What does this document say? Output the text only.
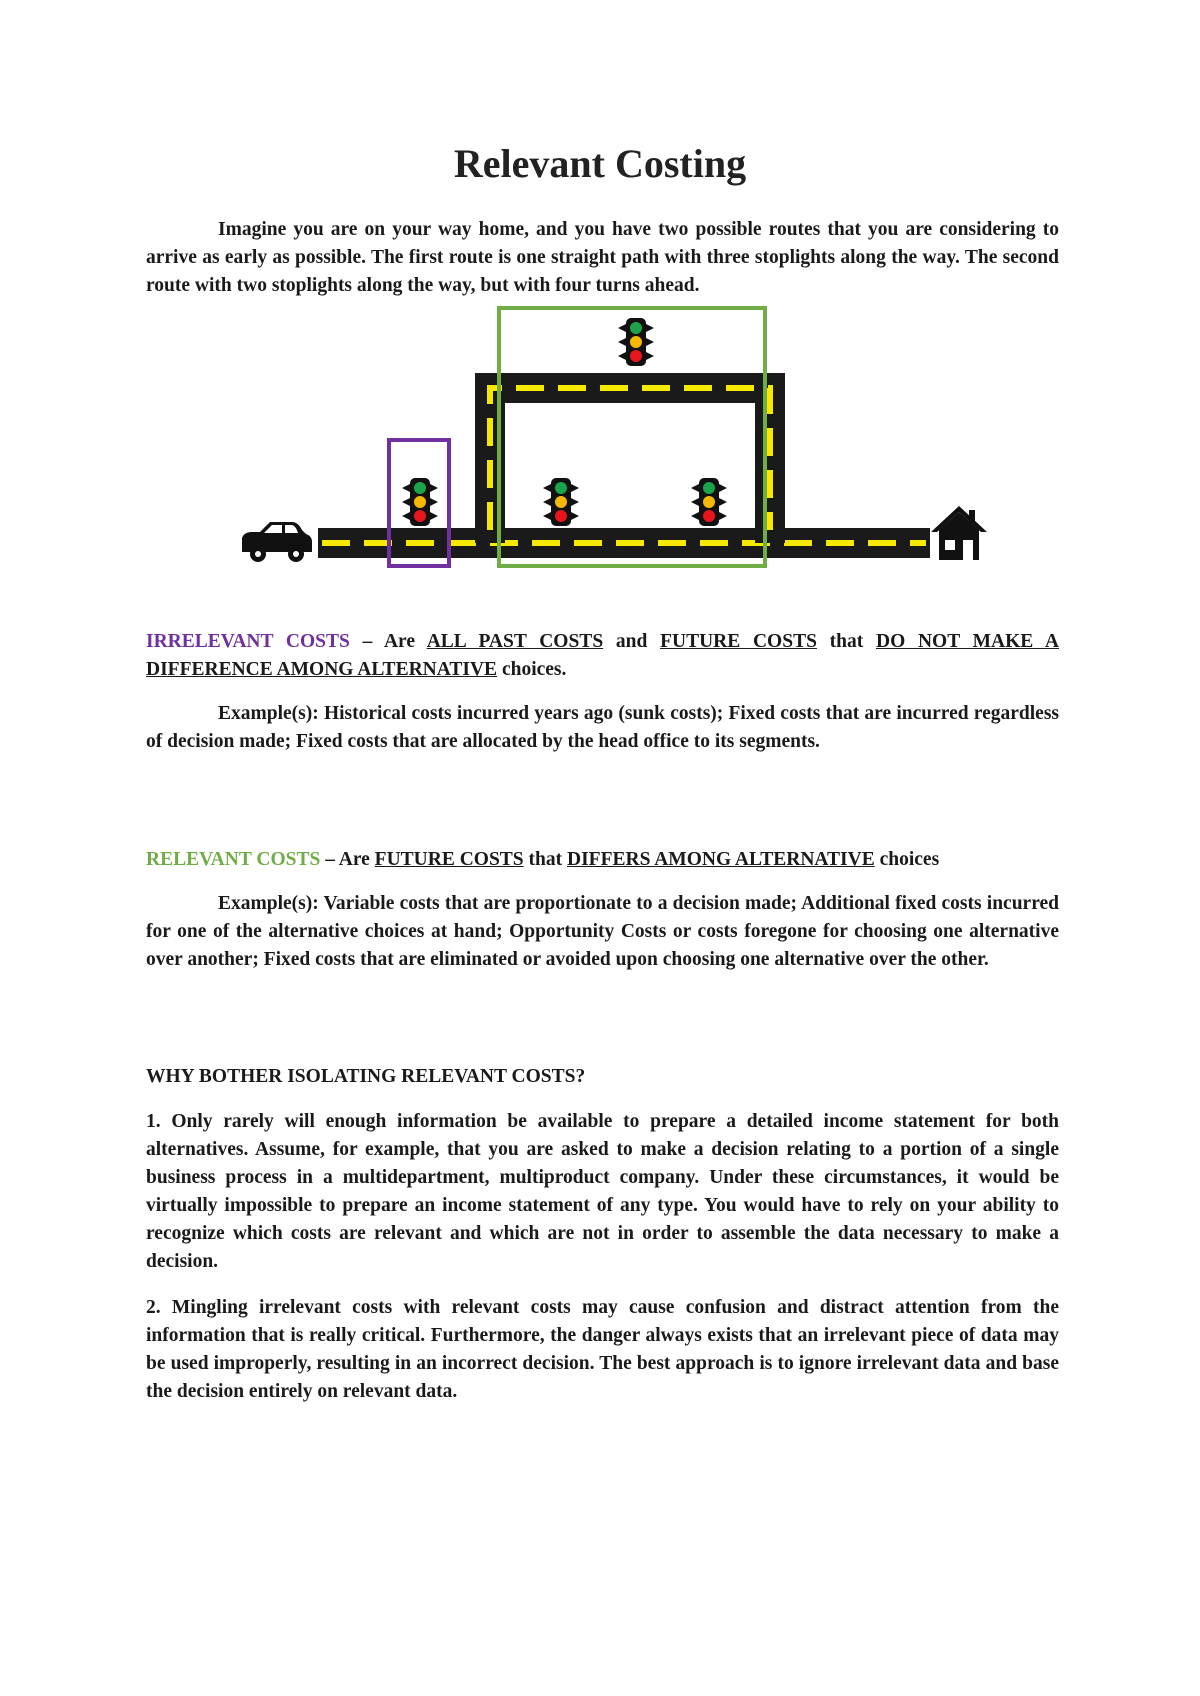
Relevant Costing
Imagine you are on your way home, and you have two possible routes that you are considering to arrive as early as possible. The first route is one straight path with three stoplights along the way. The second route with two stoplights along the way, but with four turns ahead.
IRRELEVANT COSTS – Are ALL PAST COSTS and FUTURE COSTS that DO NOT MAKE A DIFFERENCE AMONG ALTERNATIVE choices.
Example(s): Historical costs incurred years ago (sunk costs); Fixed costs that are incurred regardless of decision made; Fixed costs that are allocated by the head office to its segments.
RELEVANT COSTS – Are FUTURE COSTS that DIFFERS AMONG ALTERNATIVE choices
Example(s): Variable costs that are proportionate to a decision made; Additional fixed costs incurred for one of the alternative choices at hand; Opportunity Costs or costs foregone for choosing one alternative over another; Fixed costs that are eliminated or avoided upon choosing one alternative over the other.
WHY BOTHER ISOLATING RELEVANT COSTS?
1. Only rarely will enough information be available to prepare a detailed income statement for both alternatives. Assume, for example, that you are asked to make a decision relating to a portion of a single business process in a multidepartment, multiproduct company. Under these circumstances, it would be virtually impossible to prepare an income statement of any type. You would have to rely on your ability to recognize which costs are relevant and which are not in order to assemble the data necessary to make a decision.
2. Mingling irrelevant costs with relevant costs may cause confusion and distract attention from the information that is really critical. Furthermore, the danger always exists that an irrelevant piece of data may be used improperly, resulting in an incorrect decision. The best approach is to ignore irrelevant data and base the decision entirely on relevant data.
